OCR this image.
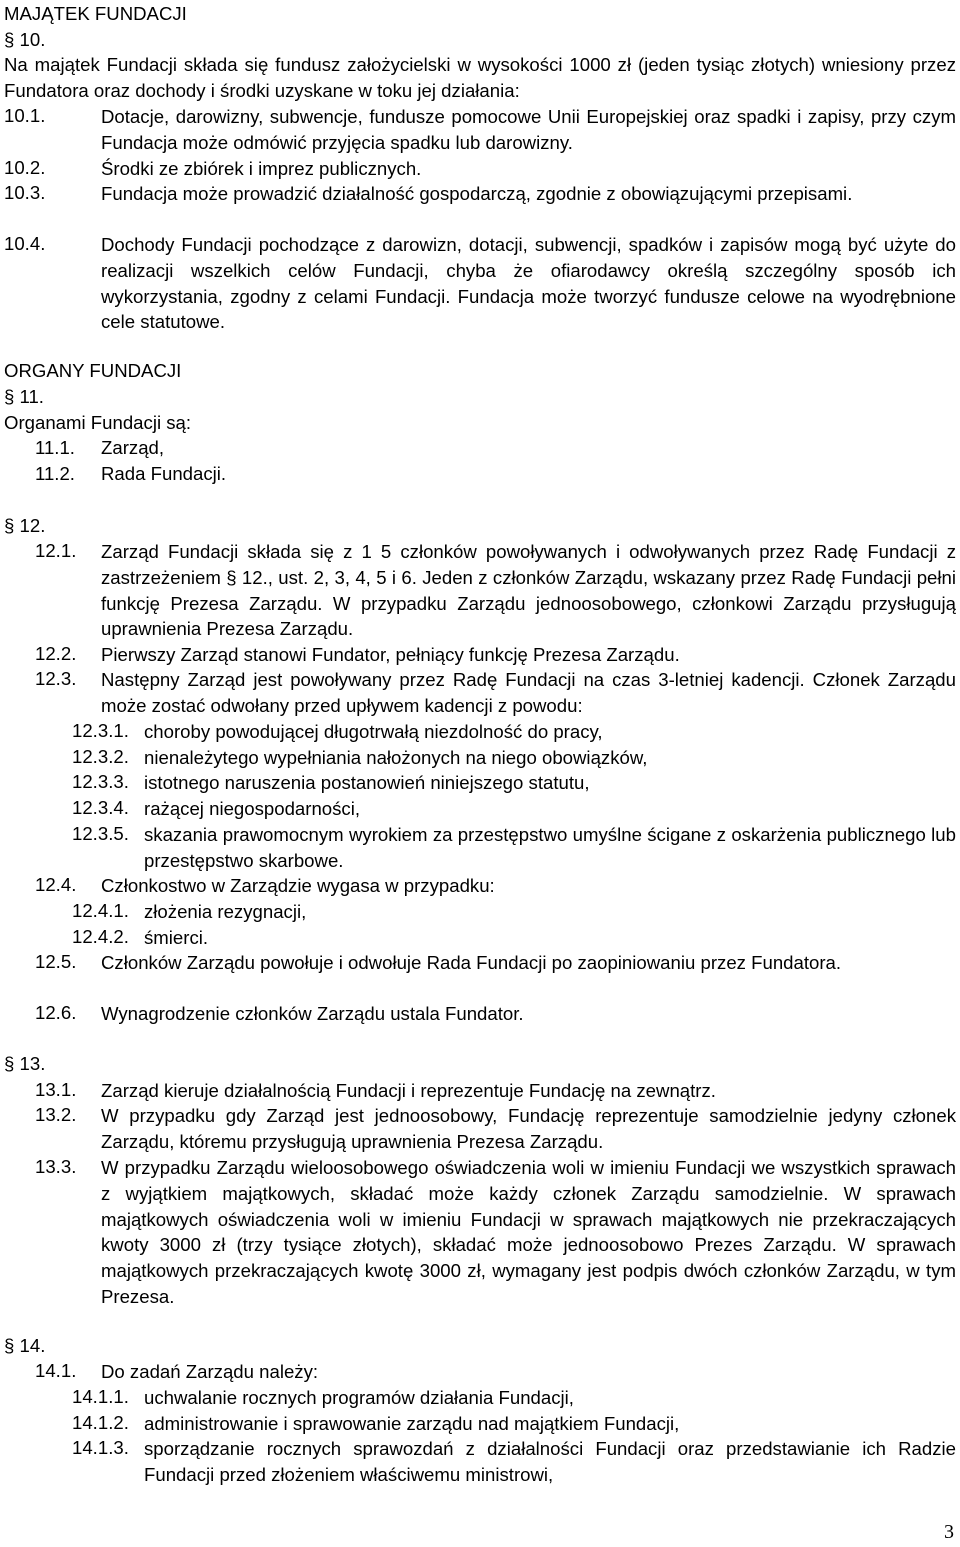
MAJĄTEK FUNDACJI
§ 10.
Na majątek Fundacji składa się fundusz założycielski w wysokości 1000 zł (jeden tysiąc złotych) wniesiony przez Fundatora oraz dochody i środki uzyskane w toku jej działania:
10.1.	Dotacje, darowizny, subwencje, fundusze pomocowe Unii Europejskiej oraz spadki i zapisy, przy czym Fundacja może odmówić przyjęcia spadku lub darowizny.
10.2.	Środki ze zbiórek i imprez publicznych.
10.3.	Fundacja może prowadzić działalność gospodarczą, zgodnie z obowiązującymi przepisami.
10.4.	Dochody Fundacji pochodzące z darowizn, dotacji, subwencji, spadków i zapisów mogą być użyte do realizacji wszelkich celów Fundacji, chyba że ofiarodawcy określą szczególny sposób ich wykorzystania, zgodny z celami Fundacji. Fundacja może tworzyć fundusze celowe na wyodrębnione cele statutowe.
ORGANY FUNDACJI
§ 11.
Organami Fundacji są:
11.1. Zarząd,
11.2. Rada Fundacji.
§ 12.
12.1. Zarząd Fundacji składa się z 1 5 członków powoływanych i odwoływanych przez Radę Fundacji z zastrzeżeniem § 12., ust. 2, 3, 4, 5 i 6. Jeden z członków Zarządu, wskazany przez Radę Fundacji pełni funkcję Prezesa Zarządu. W przypadku Zarządu jednoosobowego, członkowi Zarządu przysługują uprawnienia Prezesa Zarządu.
12.2. Pierwszy Zarząd stanowi Fundator, pełniący funkcję Prezesa Zarządu.
12.3. Następny Zarząd jest powoływany przez Radę Fundacji na czas 3-letniej kadencji. Członek Zarządu może zostać odwołany przed upływem kadencji z powodu:
12.3.1. choroby powodującej długotrwałą niezdolność do pracy,
12.3.2. nienależytego wypełniania nałożonych na niego obowiązków,
12.3.3. istotnego naruszenia postanowień niniejszego statutu,
12.3.4. rażącej niegospodarności,
12.3.5. skazania prawomocnym wyrokiem za przestępstwo umyślne ścigane z oskarżenia publicznego lub przestępstwo skarbowe.
12.4. Członkostwo w Zarządzie wygasa w przypadku:
12.4.1. złożenia rezygnacji,
12.4.2. śmierci.
12.5. Członków Zarządu powołuje i odwołuje Rada Fundacji po zaopiniowaniu przez Fundatora.
12.6. Wynagrodzenie członków Zarządu ustala Fundator.
§ 13.
13.1. Zarząd kieruje działalnością Fundacji i reprezentuje Fundację na zewnątrz.
13.2. W przypadku gdy Zarząd jest jednoosobowy, Fundację reprezentuje samodzielnie jedyny członek Zarządu, któremu przysługują uprawnienia Prezesa Zarządu.
13.3. W przypadku Zarządu wieloosobowego oświadczenia woli w imieniu Fundacji we wszystkich sprawach z wyjątkiem majątkowych, składać może każdy członek Zarządu samodzielnie. W sprawach majątkowych oświadczenia woli w imieniu Fundacji w sprawach majątkowych nie przekraczających kwoty 3000 zł (trzy tysiące złotych), składać może jednoosobowo Prezes Zarządu. W sprawach majątkowych przekraczających kwotę 3000 zł, wymagany jest podpis dwóch członków Zarządu, w tym Prezesa.
§ 14.
14.1. Do zadań Zarządu należy:
14.1.1. uchwalanie rocznych programów działania Fundacji,
14.1.2. administrowanie i sprawowanie zarządu nad majątkiem Fundacji,
14.1.3. sporządzanie rocznych sprawozdań z działalności Fundacji oraz przedstawianie ich Radzie Fundacji przed złożeniem właściwemu ministrowi,
3
